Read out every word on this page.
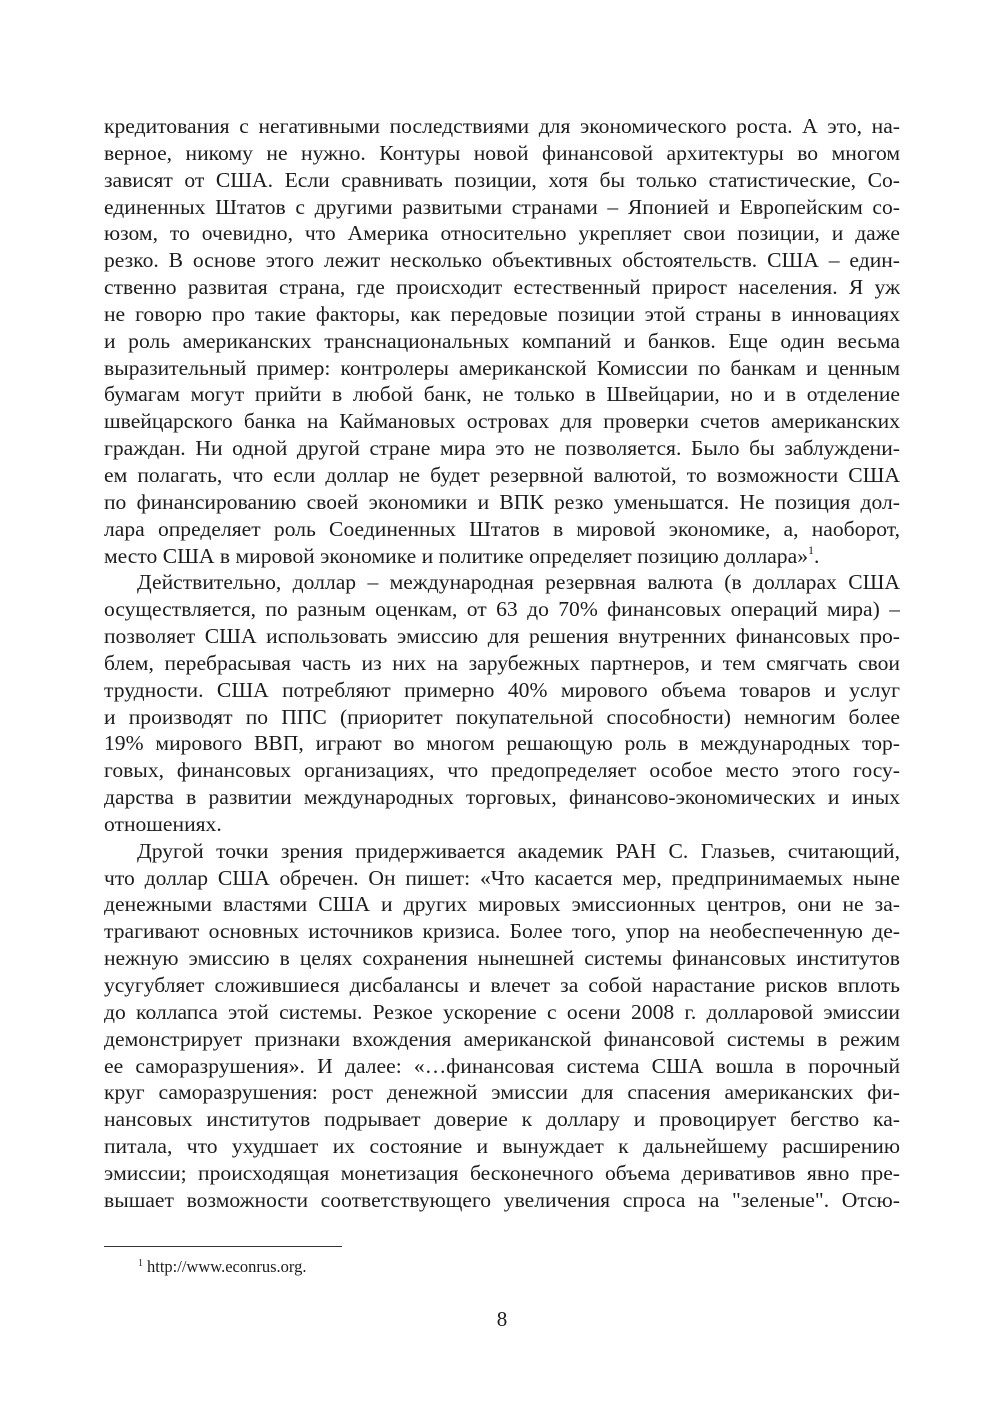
кредитования с негативными последствиями для экономического роста. А это, на-
верное, никому не нужно. Контуры новой финансовой архитектуры во многом
зависят от США. Если сравнивать позиции, хотя бы только статистические, Со-
единенных Штатов с другими развитыми странами – Японией и Европейским со-
юзом, то очевидно, что Америка относительно укрепляет свои позиции, и даже
резко. В основе этого лежит несколько объективных обстоятельств. США – един-
ственно развитая страна, где происходит естественный прирост населения. Я уж
не говорю про такие факторы, как передовые позиции этой страны в инновациях
и роль американских транснациональных компаний и банков. Еще один весьма
выразительный пример: контролеры американской Комиссии по банкам и ценным
бумагам могут прийти в любой банк, не только в Швейцарии, но и в отделение
швейцарского банка на Каймановых островах для проверки счетов американских
граждан. Ни одной другой стране мира это не позволяется. Было бы заблуждени-
ем полагать, что если доллар не будет резервной валютой, то возможности США
по финансированию своей экономики и ВПК резко уменьшатся. Не позиция дол-
лара определяет роль Соединенных Штатов в мировой экономике, а, наоборот,
место США в мировой экономике и политике определяет позицию доллара»$^1$.
Действительно, доллар – международная резервная валюта (в долларах США
осуществляется, по разным оценкам, от 63 до 70% финансовых операций мира) –
позволяет США использовать эмиссию для решения внутренних финансовых про-
блем, перебрасывая часть из них на зарубежных партнеров, и тем смягчать свои
трудности. США потребляют примерно 40% мирового объема товаров и услуг
и производят по ППС (приоритет покупательной способности) немногим более
19% мирового ВВП, играют во многом решающую роль в международных тор-
говых, финансовых организациях, что предопределяет особое место этого госу-
дарства в развитии международных торговых, финансово-экономических и иных
отношениях.
Другой точки зрения придерживается академик РАН С. Глазьев, считающий,
что доллар США обречен. Он пишет: «Что касается мер, предпринимаемых ныне
денежными властями США и других мировых эмиссионных центров, они не за-
трагивают основных источников кризиса. Более того, упор на необеспеченную де-
нежную эмиссию в целях сохранения нынешней системы финансовых институтов
усугубляет сложившиеся дисбалансы и влечет за собой нарастание рисков вплоть
до коллапса этой системы. Резкое ускорение с осени 2008 г. долларовой эмиссии
демонстрирует признаки вхождения американской финансовой системы в режим
ее саморазрушения». И далее: «…финансовая система США вошла в порочный
круг саморазрушения: рост денежной эмиссии для спасения американских фи-
нансовых институтов подрывает доверие к доллару и провоцирует бегство ка-
питала, что ухудшает их состояние и вынуждает к дальнейшему расширению
эмиссии; происходящая монетизация бесконечного объема деривативов явно пре-
вышает возможности соответствующего увеличения спроса на "зеленые". Отсю-
$^1$ http://www.econrus.org.
8
